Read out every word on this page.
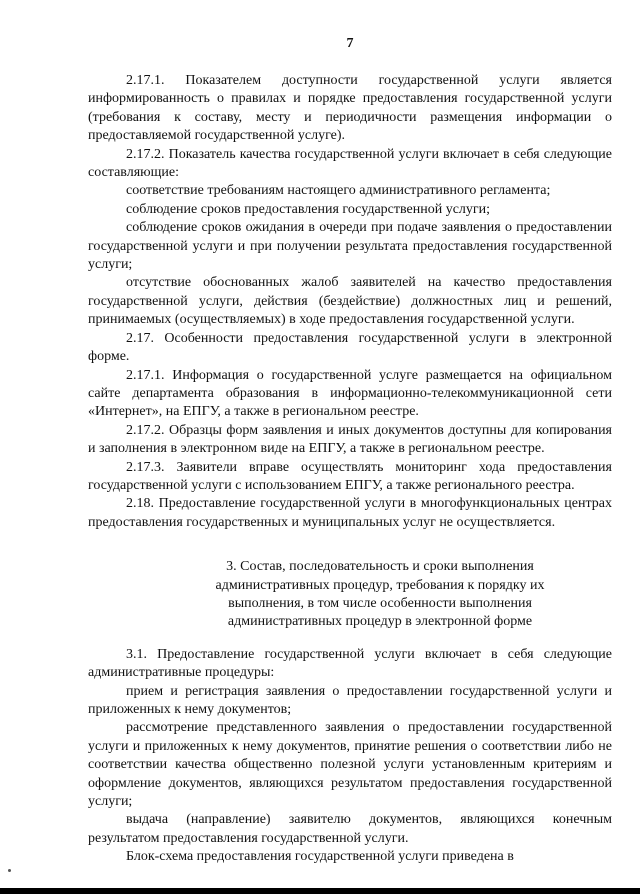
7

2.17.1. Показателем доступности государственной услуги является информированность о правилах и порядке предоставления государственной услуги (требования к составу, месту и периодичности размещения информации о предоставляемой государственной услуге).

2.17.2. Показатель качества государственной услуги включает в себя следующие составляющие:

соответствие требованиям настоящего административного регламента;

соблюдение сроков предоставления государственной услуги;

соблюдение сроков ожидания в очереди при подаче заявления о предоставлении государственной услуги и при получении результата предоставления государственной услуги;

отсутствие обоснованных жалоб заявителей на качество предоставления государственной услуги, действия (бездействие) должностных лиц и решений, принимаемых (осуществляемых) в ходе предоставления государственной услуги.

2.17. Особенности предоставления государственной услуги в электронной форме.

2.17.1. Информация о государственной услуге размещается на официальном сайте департамента образования в информационно-телекоммуникационной сети «Интернет», на ЕПГУ, а также в региональном реестре.

2.17.2. Образцы форм заявления и иных документов доступны для копирования и заполнения в электронном виде на ЕПГУ, а также в региональном реестре.

2.17.3. Заявители вправе осуществлять мониторинг хода предоставления государственной услуги с использованием ЕПГУ, а также регионального реестра.

2.18. Предоставление государственной услуги в многофункциональных центрах предоставления государственных и муниципальных услуг не осуществляется.

3. Состав, последовательность и сроки выполнения
административных процедур, требования к порядку их
выполнения, в том числе особенности выполнения
административных процедур в электронной форме

3.1. Предоставление государственной услуги включает в себя следующие административные процедуры:

прием и регистрация заявления о предоставлении государственной услуги и приложенных к нему документов;

рассмотрение представленного заявления о предоставлении государственной услуги и приложенных к нему документов, принятие решения о соответствии либо не соответствии качества общественно полезной услуги установленным критериям и оформление документов, являющихся результатом предоставления государственной услуги;

выдача (направление) заявителю документов, являющихся конечным результатом предоставления государственной услуги.

Блок-схема предоставления государственной услуги приведена в
